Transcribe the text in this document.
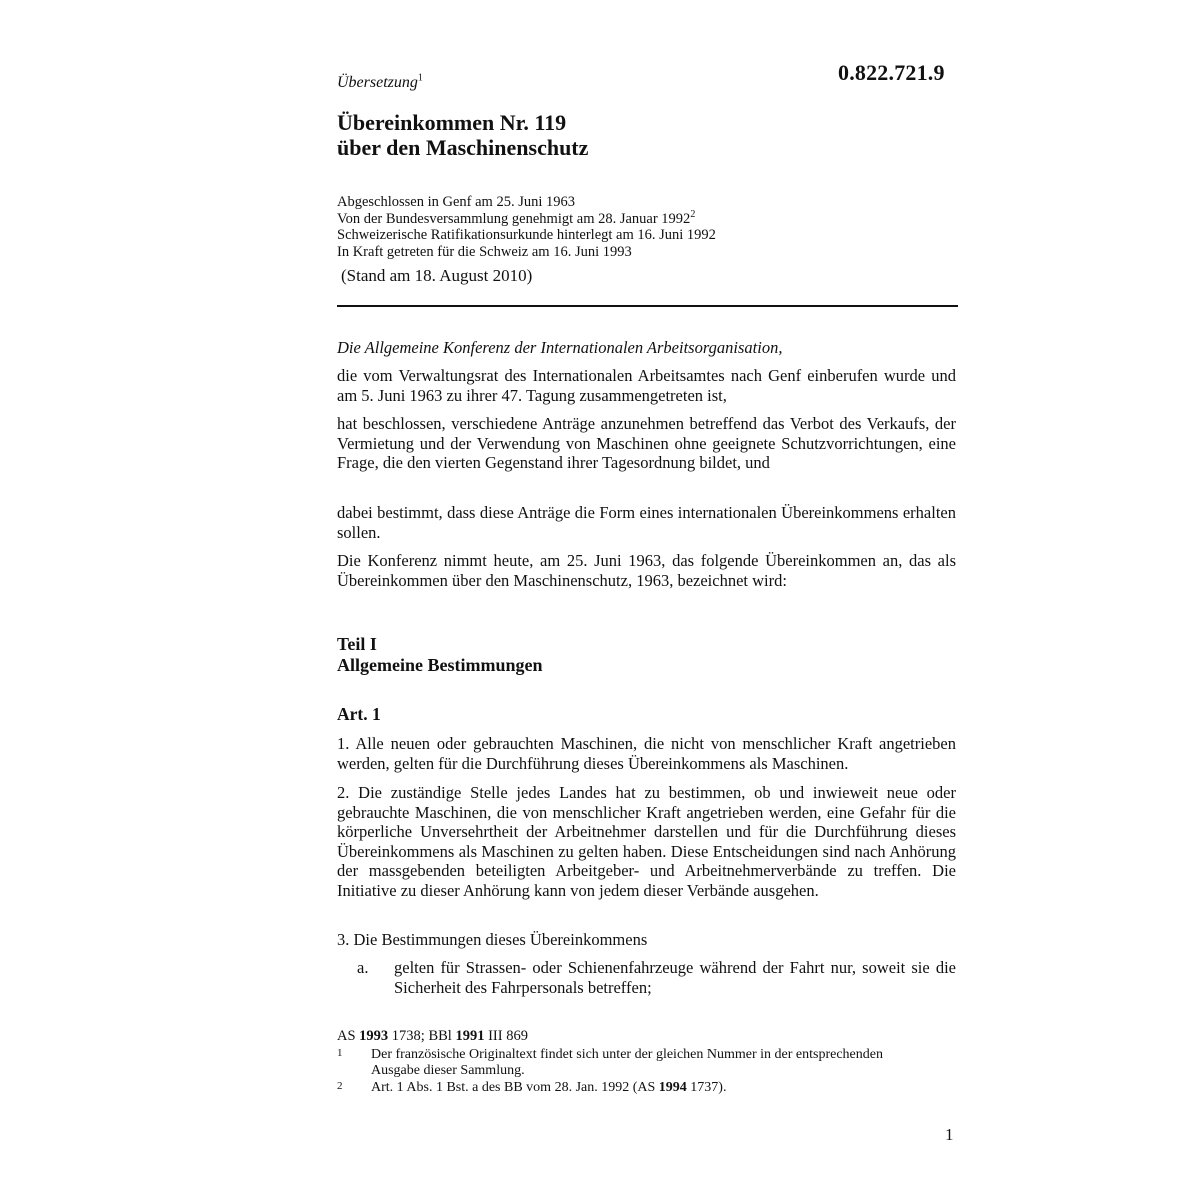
0.822.721.9
Übersetzung$^1$
Übereinkommen Nr. 119
über den Maschinenschutz
Abgeschlossen in Genf am 25. Juni 1963
Von der Bundesversammlung genehmigt am 28. Januar 1992$^2$
Schweizerische Ratifikationsurkunde hinterlegt am 16. Juni 1992
In Kraft getreten für die Schweiz am 16. Juni 1993
(Stand am 18. August 2010)
Die Allgemeine Konferenz der Internationalen Arbeitsorganisation,
die vom Verwaltungsrat des Internationalen Arbeitsamtes nach Genf einberufen wurde und am 5. Juni 1963 zu ihrer 47. Tagung zusammengetreten ist,
hat beschlossen, verschiedene Anträge anzunehmen betreffend das Verbot des Verkaufs, der Vermietung und der Verwendung von Maschinen ohne geeignete Schutzvorrichtungen, eine Frage, die den vierten Gegenstand ihrer Tagesordnung bildet, und
dabei bestimmt, dass diese Anträge die Form eines internationalen Übereinkommens erhalten sollen.
Die Konferenz nimmt heute, am 25. Juni 1963, das folgende Übereinkommen an, das als Übereinkommen über den Maschinenschutz, 1963, bezeichnet wird:
Teil I
Allgemeine Bestimmungen
Art. 1
1. Alle neuen oder gebrauchten Maschinen, die nicht von menschlicher Kraft angetrieben werden, gelten für die Durchführung dieses Übereinkommens als Maschinen.
2. Die zuständige Stelle jedes Landes hat zu bestimmen, ob und inwieweit neue oder gebrauchte Maschinen, die von menschlicher Kraft angetrieben werden, eine Gefahr für die körperliche Unversehrtheit der Arbeitnehmer darstellen und für die Durchführung dieses Übereinkommens als Maschinen zu gelten haben. Diese Entscheidungen sind nach Anhörung der massgebenden beteiligten Arbeitgeber- und Arbeitnehmerverbände zu treffen. Die Initiative zu dieser Anhörung kann von jedem dieser Verbände ausgehen.
3. Die Bestimmungen dieses Übereinkommens
a.	gelten für Strassen- oder Schienenfahrzeuge während der Fahrt nur, soweit sie die Sicherheit des Fahrpersonals betreffen;
AS 1993 1738; BBl 1991 III 869
1 Der französische Originaltext findet sich unter der gleichen Nummer in der entsprechenden Ausgabe dieser Sammlung.
2 Art. 1 Abs. 1 Bst. a des BB vom 28. Jan. 1992 (AS 1994 1737).
1
